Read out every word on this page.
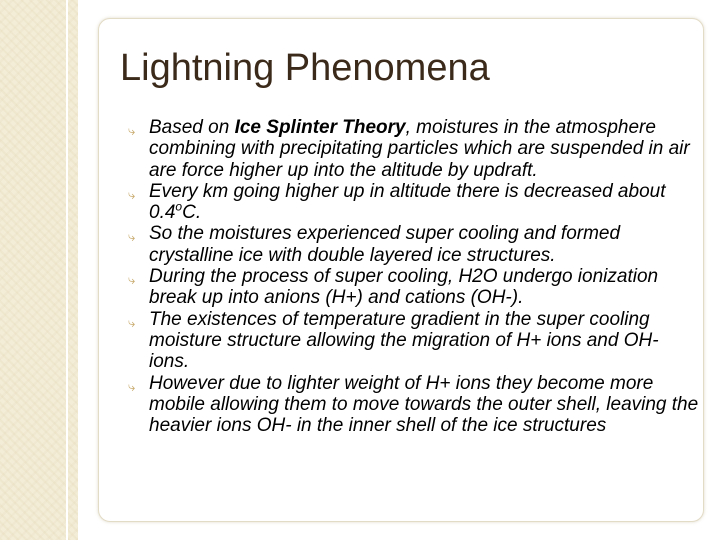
Lightning Phenomena

⤷ Based on Ice Splinter Theory, moistures in the atmosphere combining with precipitating particles which are suspended in air are force higher up into the altitude by updraft.

⤷ Every km going higher up in altitude there is decreased about 0.4$^o$C.

⤷ So the moistures experienced super cooling and formed crystalline ice with double layered ice structures.

⤷ During the process of super cooling, H2O undergo ionization break up into anions (H+) and cations (OH-).

⤷ The existences of temperature gradient in the super cooling moisture structure allowing the migration of H+ ions and OH- ions.

⤷ However due to lighter weight of H+ ions they become more mobile allowing them to move towards the outer shell, leaving the heavier ions OH- in the inner shell of the ice structures
